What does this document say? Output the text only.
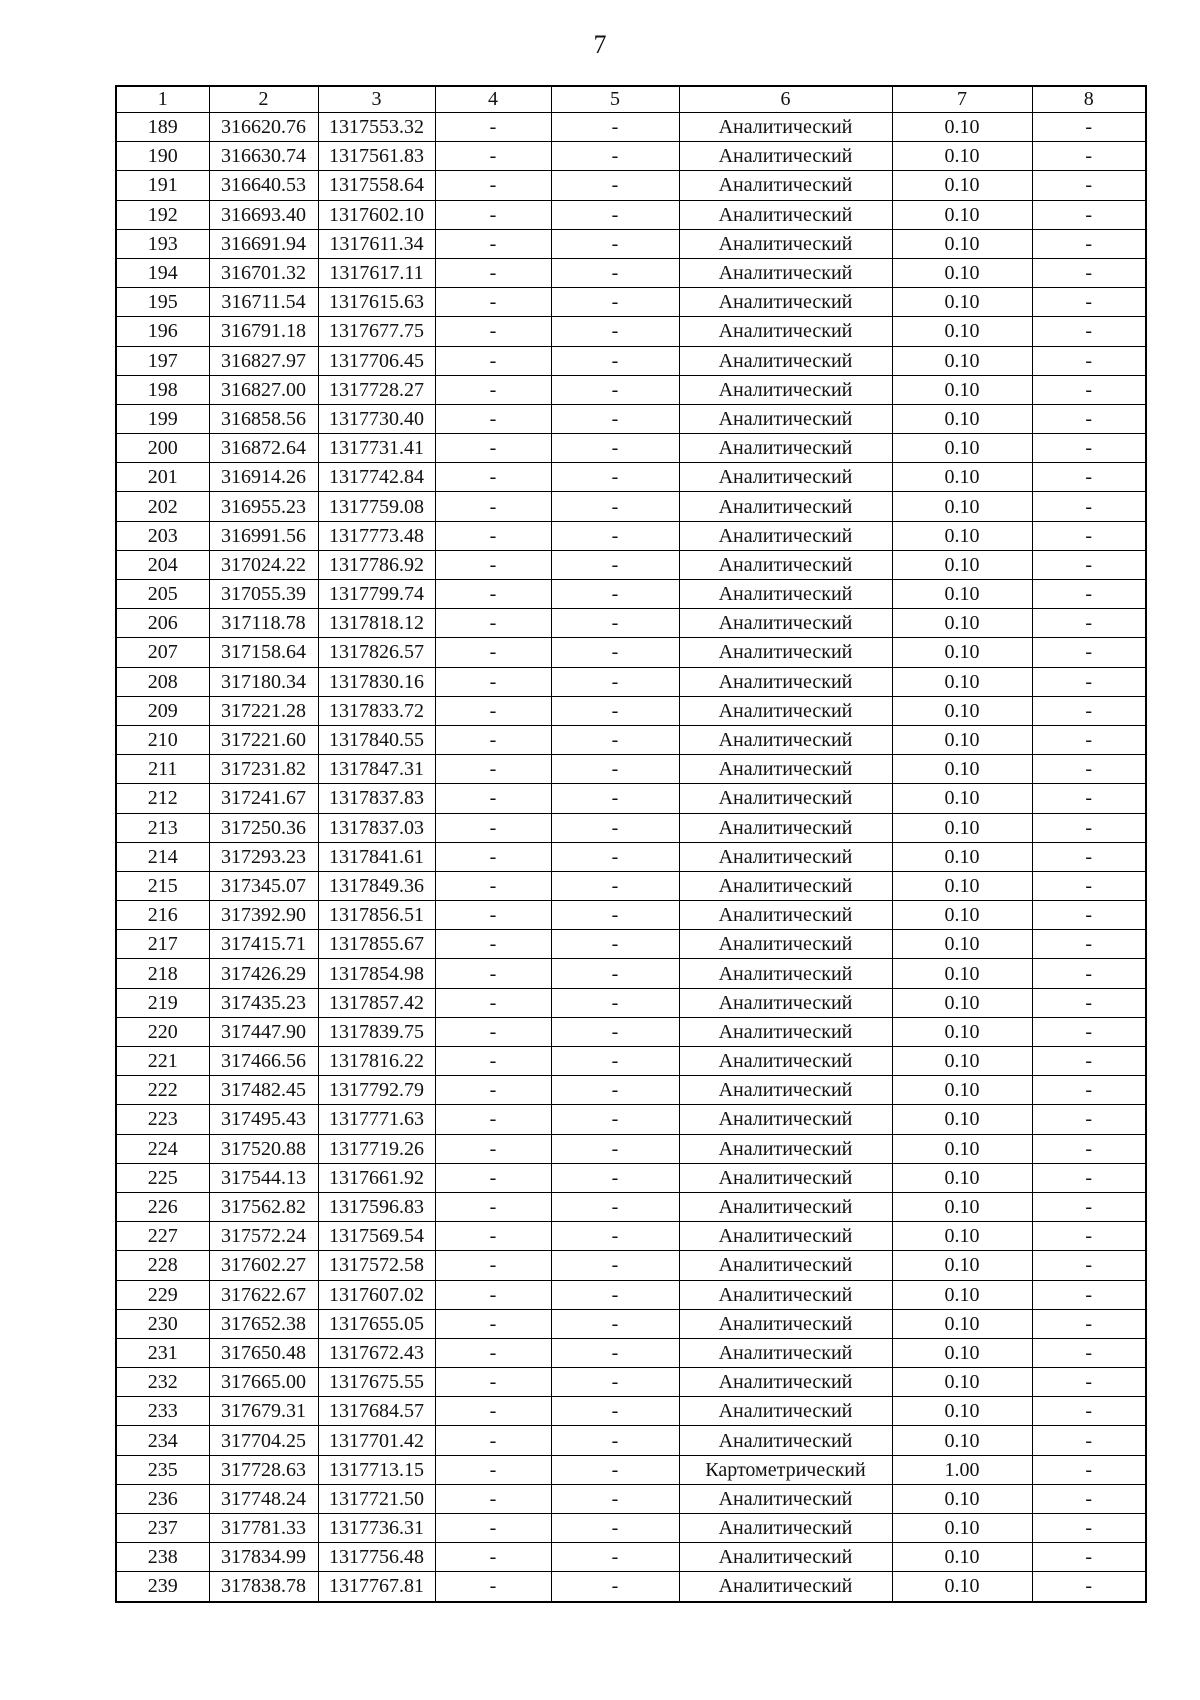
7
1	2	3	4	5	6	7	8
189	316620.76	1317553.32	-	-	Аналитический	0.10	-
190	316630.74	1317561.83	-	-	Аналитический	0.10	-
191	316640.53	1317558.64	-	-	Аналитический	0.10	-
192	316693.40	1317602.10	-	-	Аналитический	0.10	-
193	316691.94	1317611.34	-	-	Аналитический	0.10	-
194	316701.32	1317617.11	-	-	Аналитический	0.10	-
195	316711.54	1317615.63	-	-	Аналитический	0.10	-
196	316791.18	1317677.75	-	-	Аналитический	0.10	-
197	316827.97	1317706.45	-	-	Аналитический	0.10	-
198	316827.00	1317728.27	-	-	Аналитический	0.10	-
199	316858.56	1317730.40	-	-	Аналитический	0.10	-
200	316872.64	1317731.41	-	-	Аналитический	0.10	-
201	316914.26	1317742.84	-	-	Аналитический	0.10	-
202	316955.23	1317759.08	-	-	Аналитический	0.10	-
203	316991.56	1317773.48	-	-	Аналитический	0.10	-
204	317024.22	1317786.92	-	-	Аналитический	0.10	-
205	317055.39	1317799.74	-	-	Аналитический	0.10	-
206	317118.78	1317818.12	-	-	Аналитический	0.10	-
207	317158.64	1317826.57	-	-	Аналитический	0.10	-
208	317180.34	1317830.16	-	-	Аналитический	0.10	-
209	317221.28	1317833.72	-	-	Аналитический	0.10	-
210	317221.60	1317840.55	-	-	Аналитический	0.10	-
211	317231.82	1317847.31	-	-	Аналитический	0.10	-
212	317241.67	1317837.83	-	-	Аналитический	0.10	-
213	317250.36	1317837.03	-	-	Аналитический	0.10	-
214	317293.23	1317841.61	-	-	Аналитический	0.10	-
215	317345.07	1317849.36	-	-	Аналитический	0.10	-
216	317392.90	1317856.51	-	-	Аналитический	0.10	-
217	317415.71	1317855.67	-	-	Аналитический	0.10	-
218	317426.29	1317854.98	-	-	Аналитический	0.10	-
219	317435.23	1317857.42	-	-	Аналитический	0.10	-
220	317447.90	1317839.75	-	-	Аналитический	0.10	-
221	317466.56	1317816.22	-	-	Аналитический	0.10	-
222	317482.45	1317792.79	-	-	Аналитический	0.10	-
223	317495.43	1317771.63	-	-	Аналитический	0.10	-
224	317520.88	1317719.26	-	-	Аналитический	0.10	-
225	317544.13	1317661.92	-	-	Аналитический	0.10	-
226	317562.82	1317596.83	-	-	Аналитический	0.10	-
227	317572.24	1317569.54	-	-	Аналитический	0.10	-
228	317602.27	1317572.58	-	-	Аналитический	0.10	-
229	317622.67	1317607.02	-	-	Аналитический	0.10	-
230	317652.38	1317655.05	-	-	Аналитический	0.10	-
231	317650.48	1317672.43	-	-	Аналитический	0.10	-
232	317665.00	1317675.55	-	-	Аналитический	0.10	-
233	317679.31	1317684.57	-	-	Аналитический	0.10	-
234	317704.25	1317701.42	-	-	Аналитический	0.10	-
235	317728.63	1317713.15	-	-	Картометрический	1.00	-
236	317748.24	1317721.50	-	-	Аналитический	0.10	-
237	317781.33	1317736.31	-	-	Аналитический	0.10	-
238	317834.99	1317756.48	-	-	Аналитический	0.10	-
239	317838.78	1317767.81	-	-	Аналитический	0.10	-
